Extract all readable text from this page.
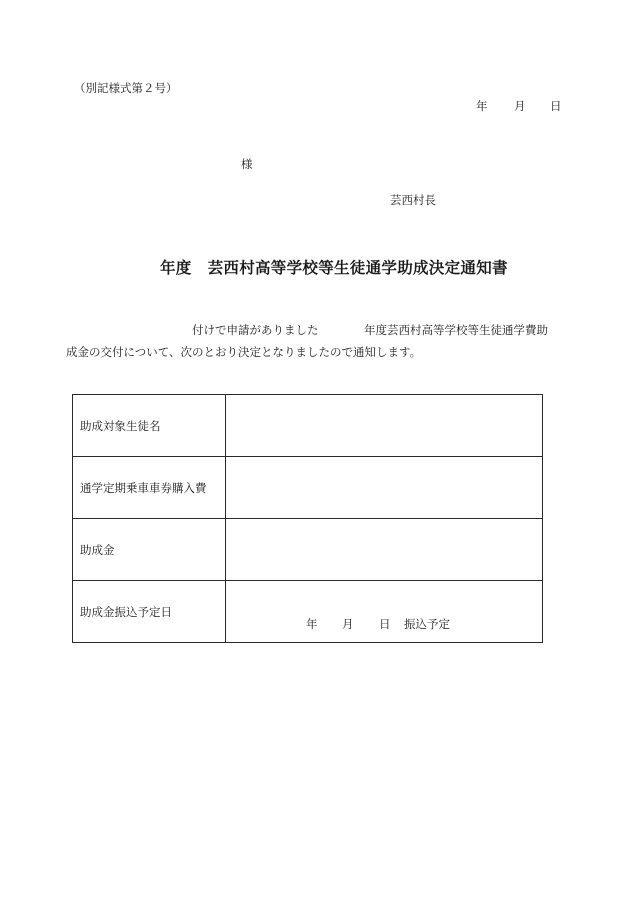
（別記様式第２号）
年 月 日
様
芸西村長
年度 芸西村高等学校等生徒通学助成決定通知書
付けで申請がありました	年度芸西村高等学校等生徒通学費助
成金の交付について、次のとおり決定となりましたので通知します。
助成対象生徒名	
通学定期乗車車券購入費	
助成金	
助成金振込予定日	年 月 日 振込予定
